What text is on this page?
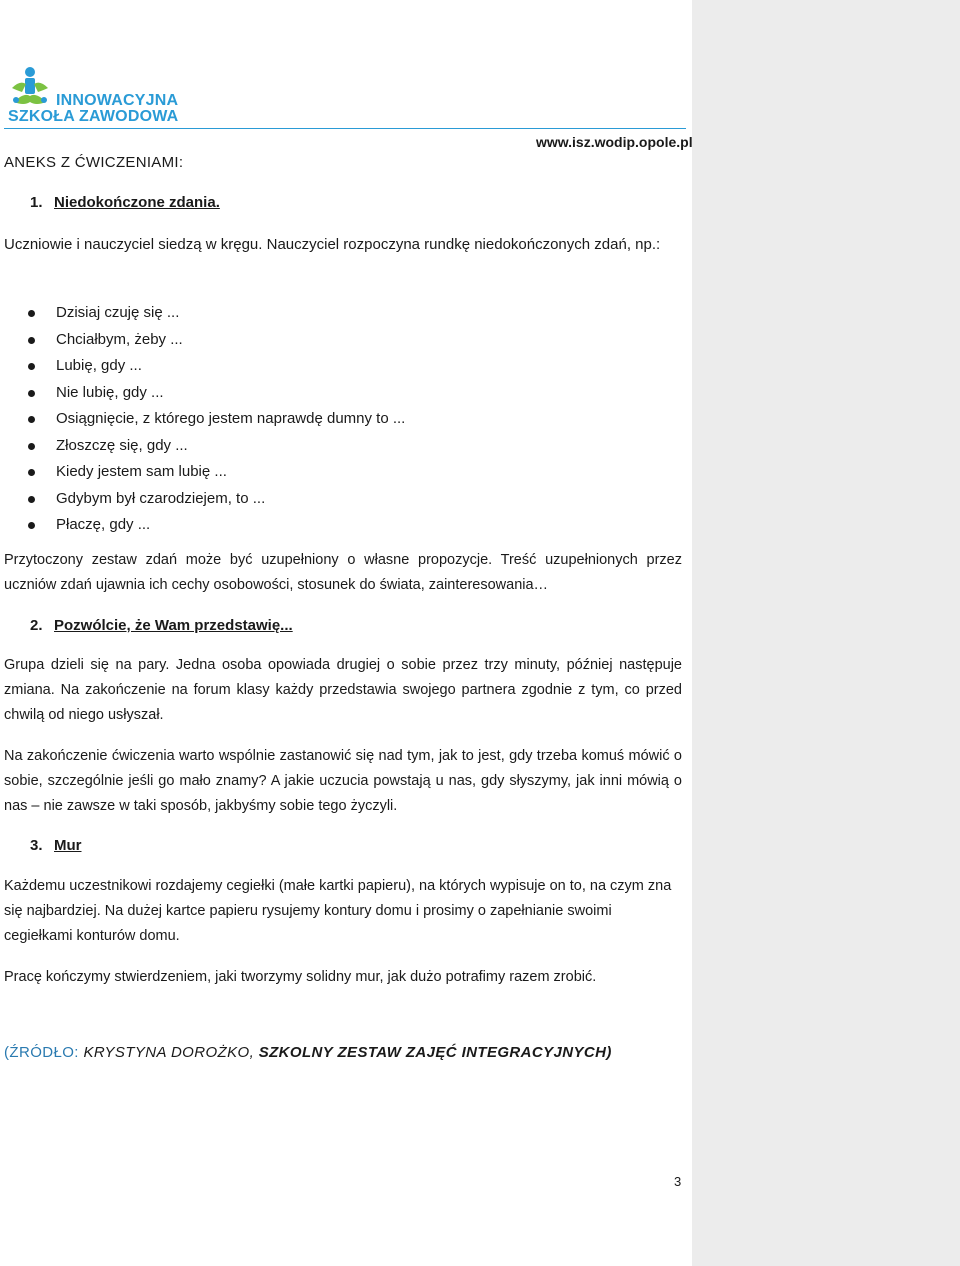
INNOWACYJNA
SZKOŁA ZAWODOWA
www.isz.wodip.opole.pl
ANEKS Z ĆWICZENIAMI:
1. Niedokończone zdania.
Uczniowie i nauczyciel siedzą w kręgu. Nauczyciel rozpoczyna rundkę niedokończonych zdań, np.:
Dzisiaj czuję się ...
Chciałbym, żeby ...
Lubię, gdy ...
Nie lubię, gdy ...
Osiągnięcie, z którego jestem naprawdę dumny to ...
Złoszczę się, gdy ...
Kiedy jestem sam lubię ...
Gdybym był czarodziejem, to ...
Płaczę, gdy ...
Przytoczony zestaw zdań może być uzupełniony o własne propozycje. Treść uzupełnionych przez uczniów zdań ujawnia ich cechy osobowości, stosunek do świata, zainteresowania…
2. Pozwólcie, że Wam przedstawię...
Grupa dzieli się na pary. Jedna osoba opowiada drugiej o sobie przez trzy minuty, później następuje zmiana. Na zakończenie na forum klasy każdy przedstawia swojego partnera zgodnie z tym, co przed chwilą od niego usłyszał.
Na zakończenie ćwiczenia warto wspólnie zastanowić się nad tym, jak to jest, gdy trzeba komuś mówić o sobie, szczególnie jeśli go mało znamy? A jakie uczucia powstają u nas, gdy słyszymy, jak inni mówią o nas – nie zawsze w taki sposób, jakbyśmy sobie tego życzyli.
3. Mur
Każdemu uczestnikowi rozdajemy cegiełki (małe kartki papieru), na których wypisuje on to, na czym zna się najbardziej. Na dużej kartce papieru rysujemy kontury domu i prosimy o zapełnianie swoimi cegiełkami konturów domu.
Pracę kończymy stwierdzeniem, jaki tworzymy solidny mur, jak dużo potrafimy razem zrobić.
(ŹRÓDŁO: KRYSTYNA DOROŻKO, SZKOLNY ZESTAW ZAJĘĆ INTEGRACYJNYCH)
3
